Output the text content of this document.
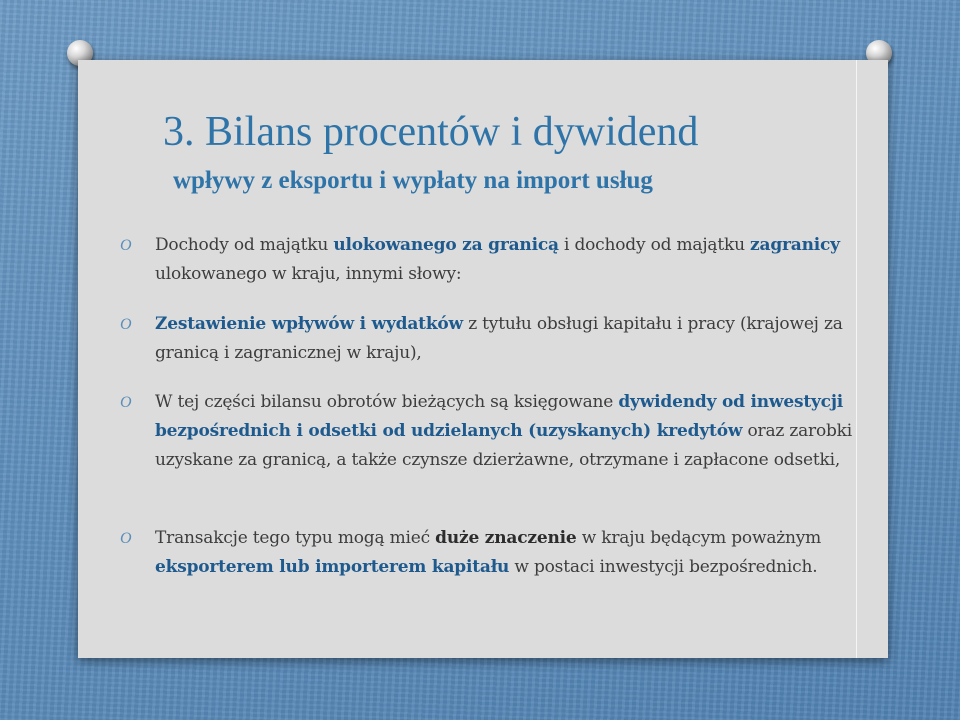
3. Bilans procentów i dywidend
wpływy z eksportu i wypłaty na import usług
O Dochody od majątku ulokowanego za granicą i dochody od majątku zagranicy ulokowanego w kraju, innymi słowy:
O Zestawienie wpływów i wydatków z tytułu obsługi kapitału i pracy (krajowej za granicą i zagranicznej w kraju),
O W tej części bilansu obrotów bieżących są księgowane dywidendy od inwestycji bezpośrednich i odsetki od udzielanych (uzyskanych) kredytów oraz zarobki uzyskane za granicą, a także czynsze dzierżawne, otrzymane i zapłacone odsetki,
O Transakcje tego typu mogą mieć duże znaczenie w kraju będącym poważnym eksporterem lub importerem kapitału w postaci inwestycji bezpośrednich.
